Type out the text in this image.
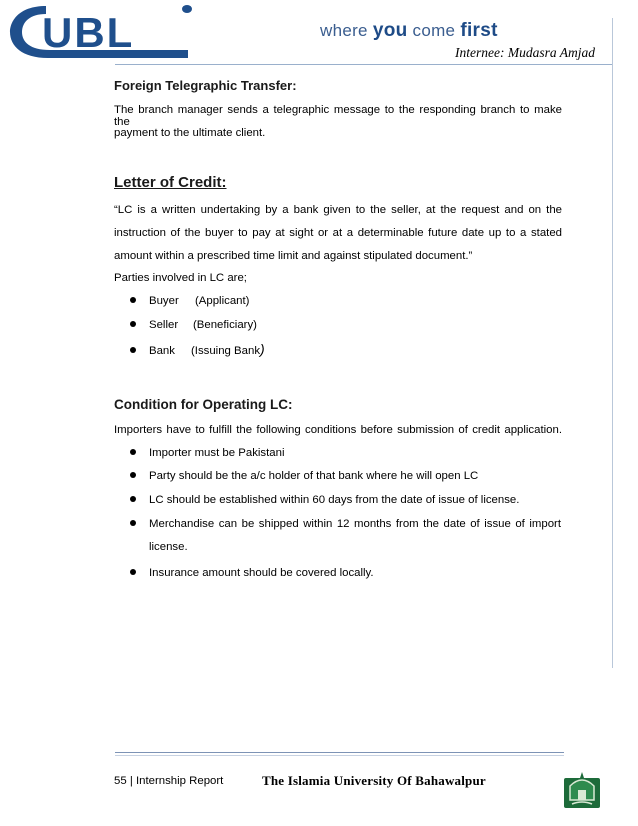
UBL	where you come first
Internee: Mudasra Amjad
Foreign Telegraphic Transfer:
The branch manager sends a telegraphic message to the responding branch to make the
payment to the ultimate client.
Letter of Credit:
“LC is a written undertaking by a bank given to the seller, at the request and on the
instruction of the buyer to pay at sight or at a determinable future date up to a stated
amount within a prescribed time limit and against stipulated document.”
Parties involved in LC are;
Buyer (Applicant)
Seller (Beneficiary)
Bank (Issuing Bank)
Condition for Operating LC:
Importers have to fulfill the following conditions before submission of credit application.
Importer must be Pakistani
Party should be the a/c holder of that bank where he will open LC
LC should be established within 60 days from the date of issue of license.
Merchandise can be shipped within 12 months from the date of issue of import
license.
Insurance amount should be covered locally.
55 | Internship Report	The Islamia University Of Bahawalpur
